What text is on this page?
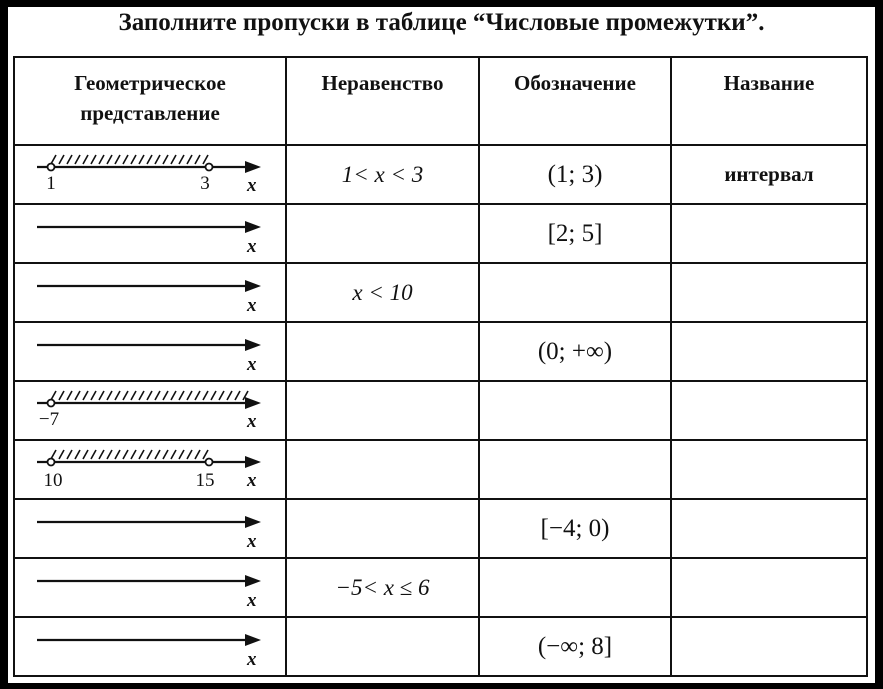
Заполните пропуски в таблице “Числовые промежутки”.
Геометрическое представление	Неравенство	Обозначение	Название

1 3 x	1< x < 3	(1; 3)	интервал

x		[2; 5]	

x	x < 10		

x		(0; +∞)	

−7 x			

10 15 x			

x		[−4; 0)	

x	−5< x ≤ 6		

x		(−∞; 8]	
